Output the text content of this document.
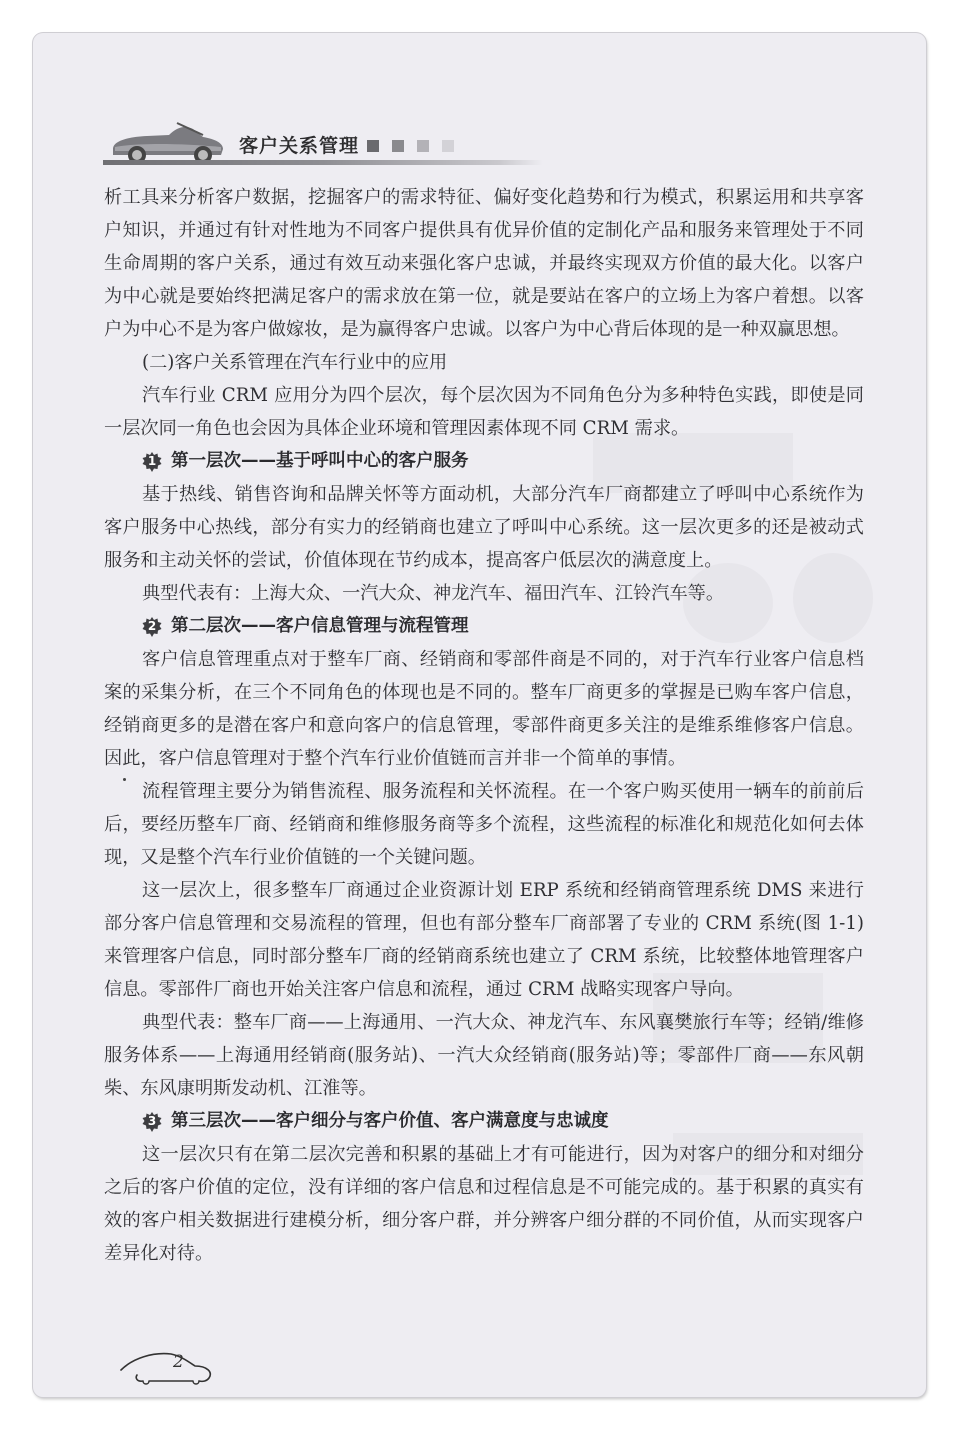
客户关系管理

析工具来分析客户数据，挖掘客户的需求特征、偏好变化趋势和行为模式，积累运用和共享客户知识，并通过有针对性地为不同客户提供具有优异价值的定制化产品和服务来管理处于不同生命周期的客户关系，通过有效互动来强化客户忠诚，并最终实现双方价值的最大化。以客户为中心就是要始终把满足客户的需求放在第一位，就是要站在客户的立场上为客户着想。以客户为中心不是为客户做嫁妆，是为赢得客户忠诚。以客户为中心背后体现的是一种双赢思想。

(二)客户关系管理在汽车行业中的应用

汽车行业 CRM 应用分为四个层次，每个层次因为不同角色分为多种特色实践，即使是同一层次同一角色也会因为具体企业环境和管理因素体现不同 CRM 需求。

1 第一层次——基于呼叫中心的客户服务

基于热线、销售咨询和品牌关怀等方面动机，大部分汽车厂商都建立了呼叫中心系统作为客户服务中心热线，部分有实力的经销商也建立了呼叫中心系统。这一层次更多的还是被动式服务和主动关怀的尝试，价值体现在节约成本，提高客户低层次的满意度上。

典型代表有：上海大众、一汽大众、神龙汽车、福田汽车、江铃汽车等。

2 第二层次——客户信息管理与流程管理

客户信息管理重点对于整车厂商、经销商和零部件商是不同的，对于汽车行业客户信息档案的采集分析，在三个不同角色的体现也是不同的。整车厂商更多的掌握是已购车客户信息，经销商更多的是潜在客户和意向客户的信息管理，零部件商更多关注的是维系维修客户信息。因此，客户信息管理对于整个汽车行业价值链而言并非一个简单的事情。

流程管理主要分为销售流程、服务流程和关怀流程。在一个客户购买使用一辆车的前前后后，要经历整车厂商、经销商和维修服务商等多个流程，这些流程的标准化和规范化如何去体现，又是整个汽车行业价值链的一个关键问题。

这一层次上，很多整车厂商通过企业资源计划 ERP 系统和经销商管理系统 DMS 来进行部分客户信息管理和交易流程的管理，但也有部分整车厂商部署了专业的 CRM 系统(图 1-1)来管理客户信息，同时部分整车厂商的经销商系统也建立了 CRM 系统，比较整体地管理客户信息。零部件厂商也开始关注客户信息和流程，通过 CRM 战略实现客户导向。

典型代表：整车厂商——上海通用、一汽大众、神龙汽车、东风襄樊旅行车等；经销/维修服务体系——上海通用经销商(服务站)、一汽大众经销商(服务站)等；零部件厂商——东风朝柴、东风康明斯发动机、江淮等。

3 第三层次——客户细分与客户价值、客户满意度与忠诚度

这一层次只有在第二层次完善和积累的基础上才有可能进行，因为对客户的细分和对细分之后的客户价值的定位，没有详细的客户信息和过程信息是不可能完成的。基于积累的真实有效的客户相关数据进行建模分析，细分客户群，并分辨客户细分群的不同价值，从而实现客户差异化对待。

2
